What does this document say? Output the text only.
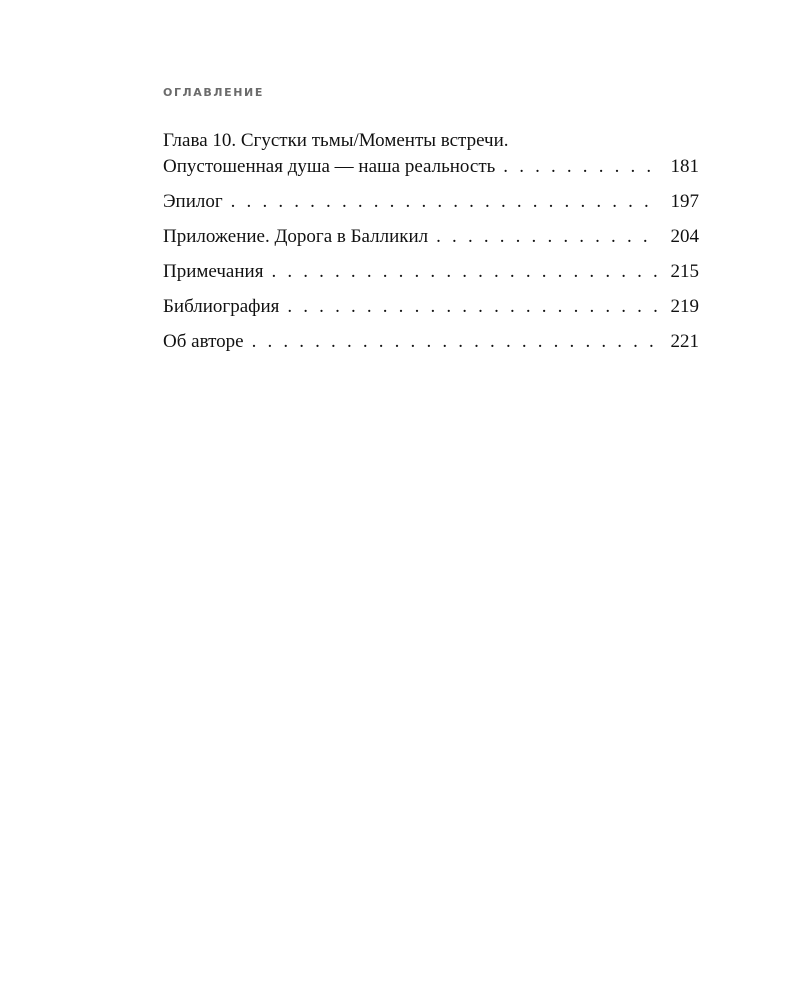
ОГЛАВЛЕНИЕ
Глава 10. Сгустки тьмы/Моменты встречи.
Опустошенная душа — наша реальность . . .	181
Эпилог . . .	197
Приложение. Дорога в Балликил . . .	204
Примечания . . .	215
Библиография . . .	219
Об авторе . . .	221
